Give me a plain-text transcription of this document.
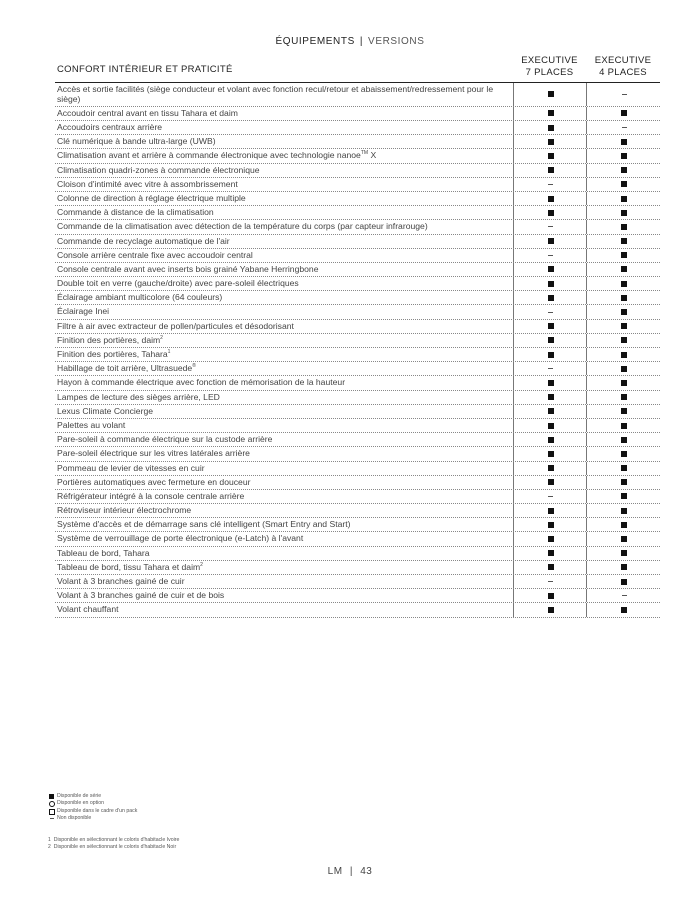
ÉQUIPEMENTS | VERSIONS
CONFORT INTÉRIEUR ET PRATICITÉ
EXECUTIVE
7 PLACES
EXECUTIVE
4 PLACES
Accès et sortie facilités (siège conducteur et volant avec fonction recul/retour et abaissement/redressement pour le siège)
Accoudoir central avant en tissu Tahara et daim
Accoudoirs centraux arrière
Clé numérique à bande ultra-large (UWB)
Climatisation avant et arrière à commande électronique avec technologie nanoe™ X
Climatisation quadri-zones à commande électronique
Cloison d'intimité avec vitre à assombrissement
Colonne de direction à réglage électrique multiple
Commande à distance de la climatisation
Commande de la climatisation avec détection de la température du corps (par capteur infrarouge)
Commande de recyclage automatique de l'air
Console arrière centrale fixe avec accoudoir central
Console centrale avant avec inserts bois grainé Yabane Herringbone
Double toit en verre (gauche/droite) avec pare-soleil électriques
Éclairage ambiant multicolore (64 couleurs)
Éclairage Inei
Filtre à air avec extracteur de pollen/particules et désodorisant
Finition des portières, daim$^2$
Finition des portières, Tahara$^1$
Habillage de toit arrière, Ultrasuede®
Hayon à commande électrique avec fonction de mémorisation de la hauteur
Lampes de lecture des sièges arrière, LED
Lexus Climate Concierge
Palettes au volant
Pare-soleil à commande électrique sur la custode arrière
Pare-soleil électrique sur les vitres latérales arrière
Pommeau de levier de vitesses en cuir
Portières automatiques avec fermeture en douceur
Réfrigérateur intégré à la console centrale arrière
Rétroviseur intérieur électrochrome
Système d'accès et de démarrage sans clé intelligent (Smart Entry and Start)
Système de verrouillage de porte électronique (e-Latch) à l'avant
Tableau de bord, Tahara
Tableau de bord, tissu Tahara et daim$^2$
Volant à 3 branches gainé de cuir
Volant à 3 branches gainé de cuir et de bois
Volant chauffant
Disponible de série
Disponible en option
Disponible dans le cadre d'un pack
Non disponible
$^1$ Disponible en sélectionnant le coloris d'habitacle Ivoire
$^2$ Disponible en sélectionnant le coloris d'habitacle Noir
LM | 43
